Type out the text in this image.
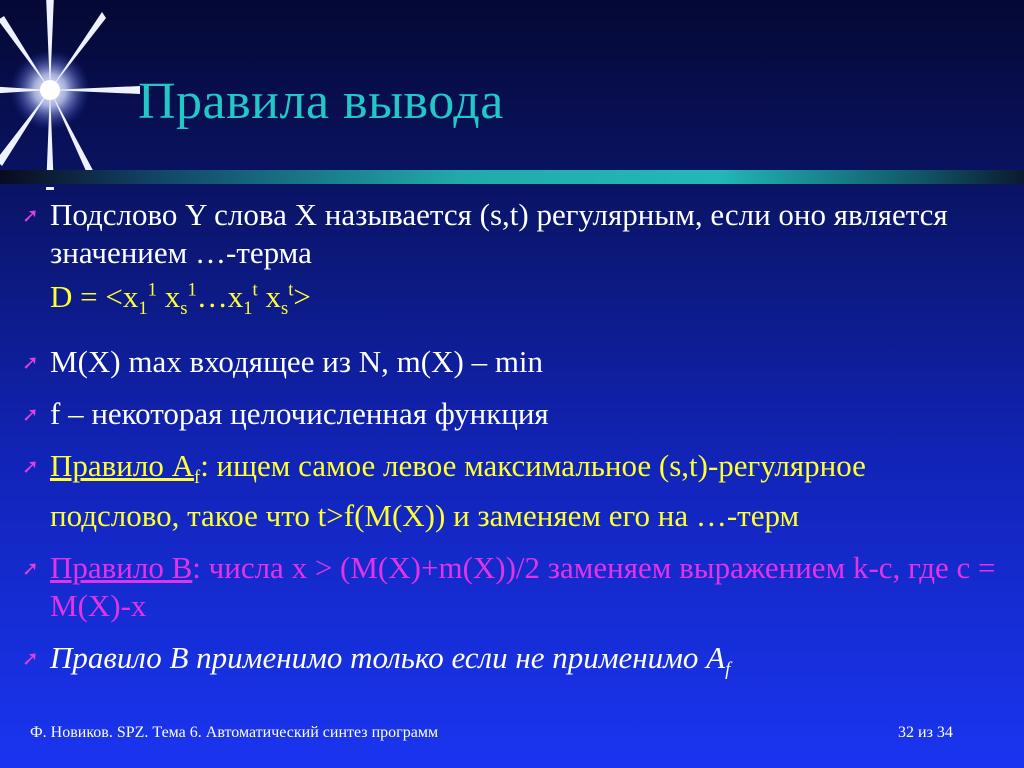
Правила вывода
➚ Подслово Y слова X называется (s,t) регулярным, если оно является значением …-терма
$D = <x_1^1$ $x_s^1\dots x_1^t$ $x_s^t>$
➚ M(X) max входящее из N, m(X) – min
➚ f – некоторая целочисленная функция
➚ Правило $A_f$: ищем самое левое максимальное (s,t)-регулярное подслово, такое что t>f(M(X)) и заменяем его на …-терм
➚ Правило B: числа x > (M(X)+m(X))/2 заменяем выражением k-c, где c = M(X)-x
➚ Правило B применимо только если не применимо $A_f$
Ф. Новиков. SPZ. Тема 6. Автоматический синтез программ	32 из 34
